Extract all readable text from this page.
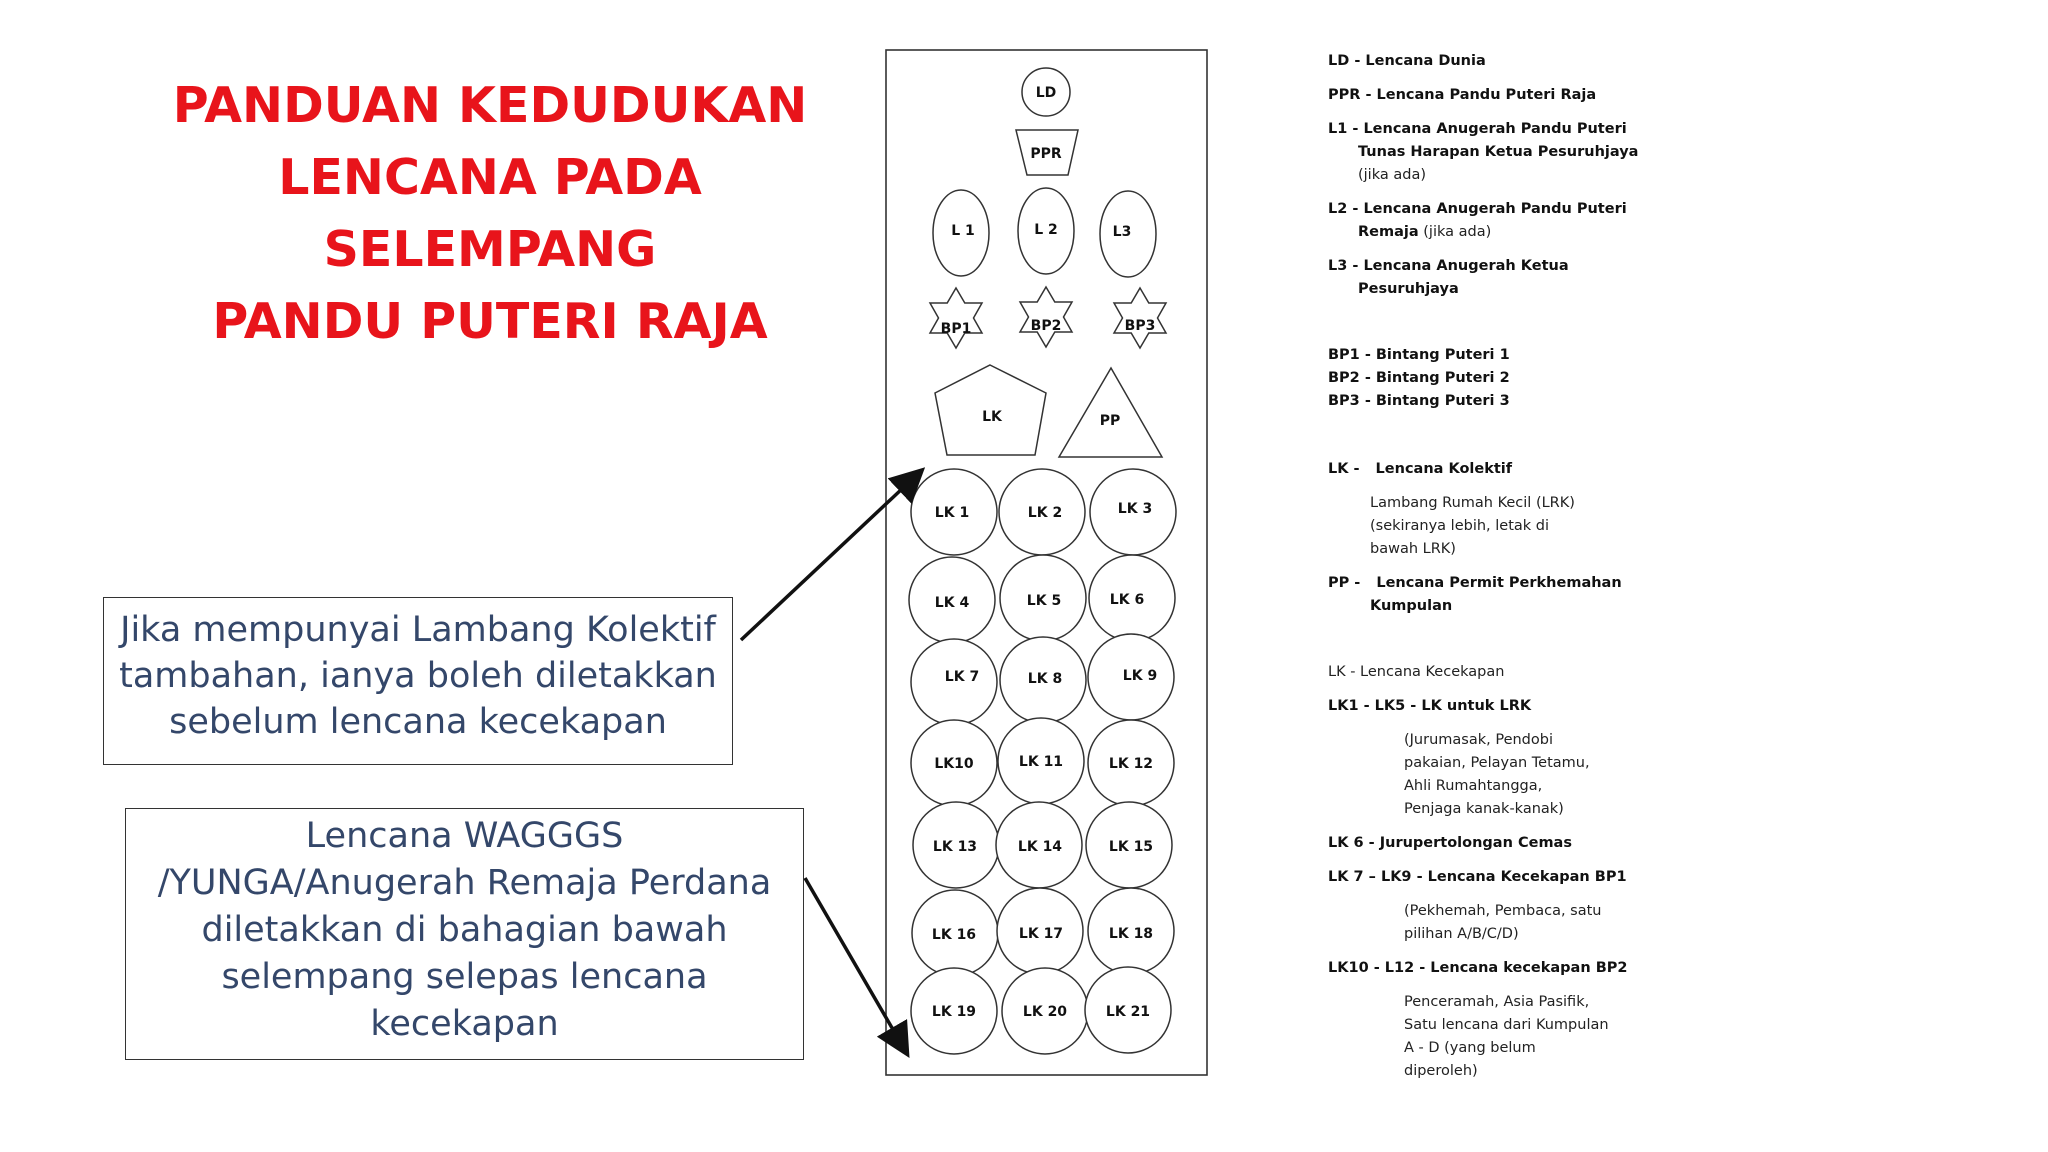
PANDUAN KEDUDUKAN
LENCANA PADA
SELEMPANG
PANDU PUTERI RAJA
Jika mempunyai Lambang Kolektif
tambahan, ianya boleh diletakkan
sebelum lencana kecekapan
Lencana WAGGGS
/YUNGA/Anugerah Remaja Perdana
diletakkan di bahagian bawah
selempang selepas lencana
kecekapan
LD
PPR
L 1	L 2	L3
BP1	BP2	BP3
LK	PP
LK 1	LK 2	LK 3
LK 4	LK 5	LK 6
LK 7	LK 8	LK 9
LK10	LK 11	LK 12
LK 13	LK 14	LK 15
LK 16	LK 17	LK 18
LK 19	LK 20	LK 21

LD - Lencana Dunia

PPR - Lencana Pandu Puteri Raja

L1 - Lencana Anugerah Pandu Puteri

Tunas Harapan Ketua Pesuruhjaya

(jika ada)

L2 - Lencana Anugerah Pandu Puteri

Remaja (jika ada)

L3 - Lencana Anugerah Ketua

Pesuruhjaya

BP1 - Bintang Puteri 1

BP2 - Bintang Puteri 2

BP3 - Bintang Puteri 3

LK - Lencana Kolektif

Lambang Rumah Kecil (LRK)

(sekiranya lebih, letak di

bawah LRK)

PP - Lencana Permit Perkhemahan

Kumpulan

LK - Lencana Kecekapan

LK1 - LK5 - LK untuk LRK

(Jurumasak, Pendobi

pakaian, Pelayan Tetamu,

Ahli Rumahtangga,

Penjaga kanak-kanak)

LK 6 - Jurupertolongan Cemas

LK 7 – LK9 - Lencana Kecekapan BP1

(Pekhemah, Pembaca, satu

pilihan A/B/C/D)

LK10 - L12 - Lencana kecekapan BP2

Penceramah, Asia Pasifik,

Satu lencana dari Kumpulan

A - D (yang belum

diperoleh)
